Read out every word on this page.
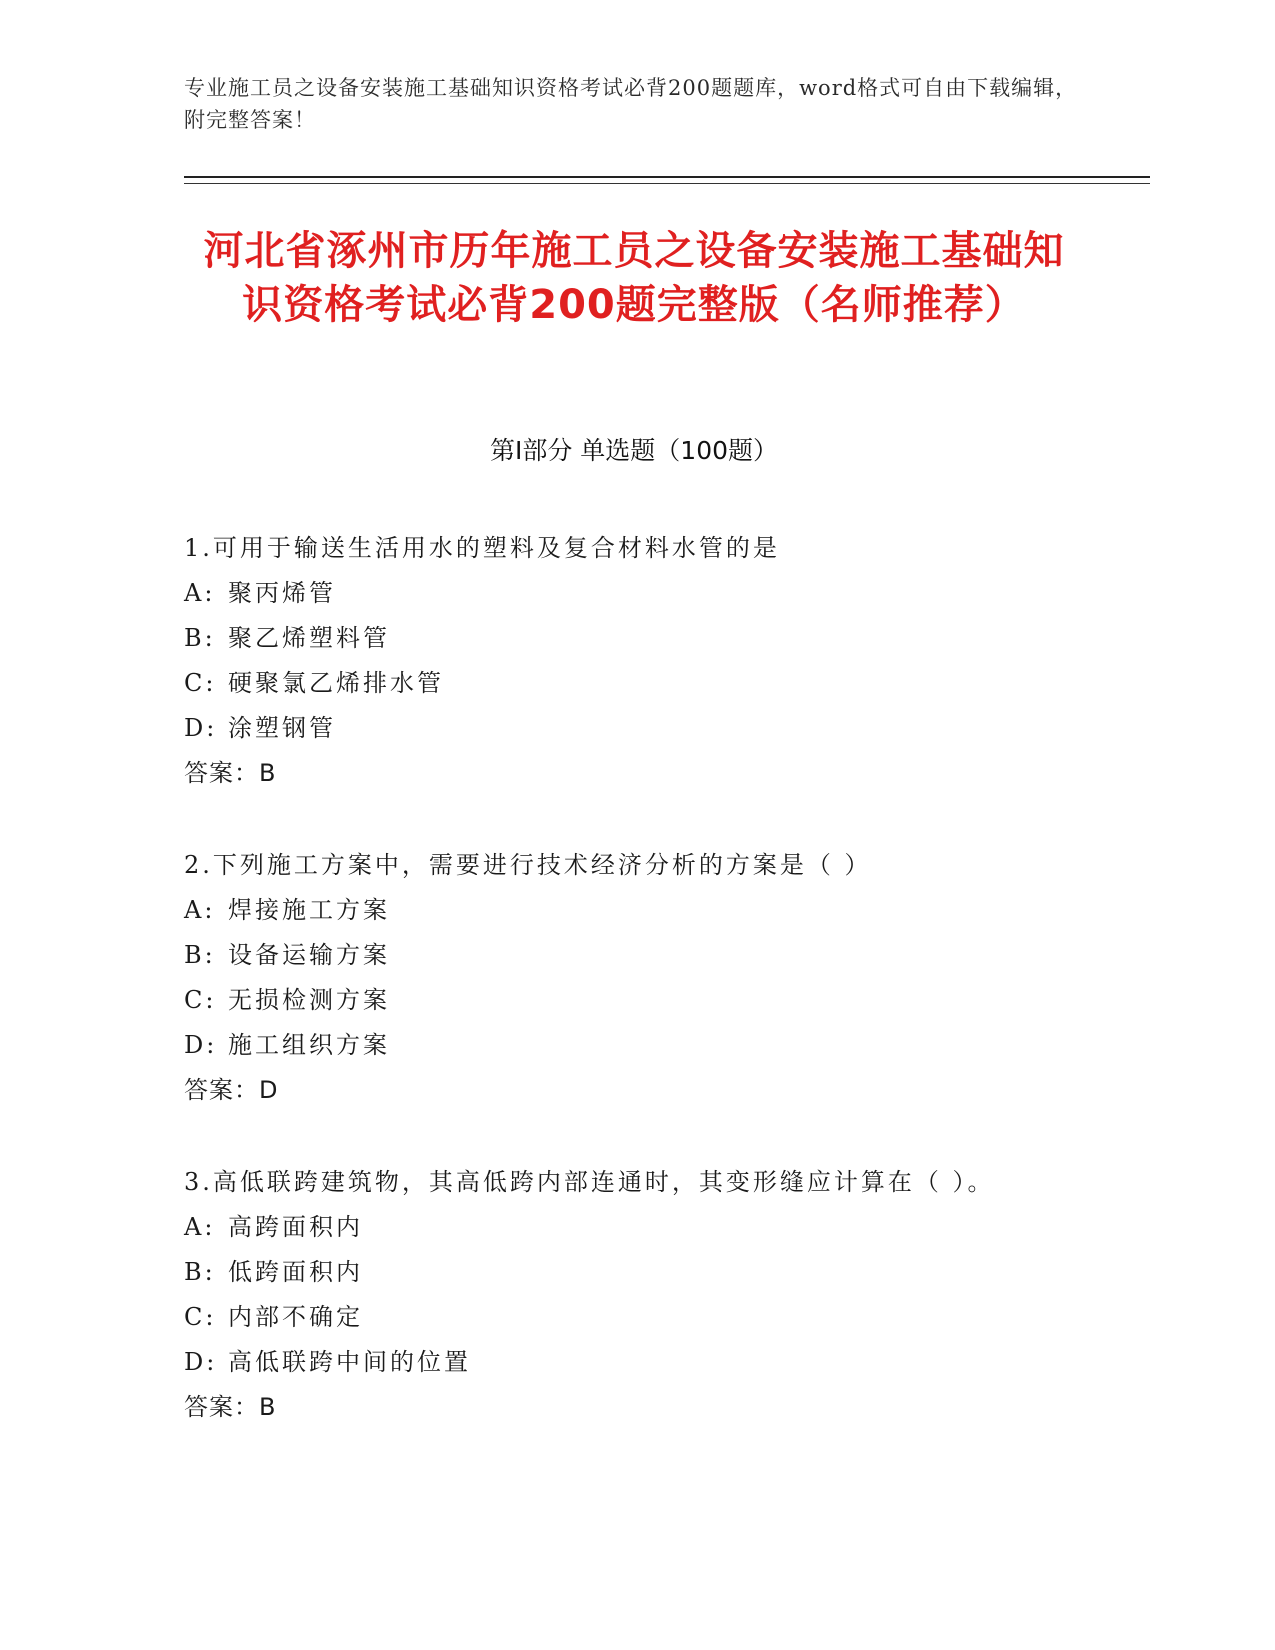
专业施工员之设备安装施工基础知识资格考试必背200题题库，word格式可自由下载编辑，附完整答案！
河北省涿州市历年施工员之设备安装施工基础知识资格考试必背200题完整版（名师推荐）
第Ⅰ部分 单选题（100题）
1.可用于输送生活用水的塑料及复合材料水管的是
A: 聚丙烯管
B: 聚乙烯塑料管
C: 硬聚氯乙烯排水管
D: 涂塑钢管
答案：B
2.下列施工方案中，需要进行技术经济分析的方案是（ ）
A: 焊接施工方案
B: 设备运输方案
C: 无损检测方案
D: 施工组织方案
答案：D
3.高低联跨建筑物，其高低跨内部连通时，其变形缝应计算在（ ）。
A: 高跨面积内
B: 低跨面积内
C: 内部不确定
D: 高低联跨中间的位置
答案：B
